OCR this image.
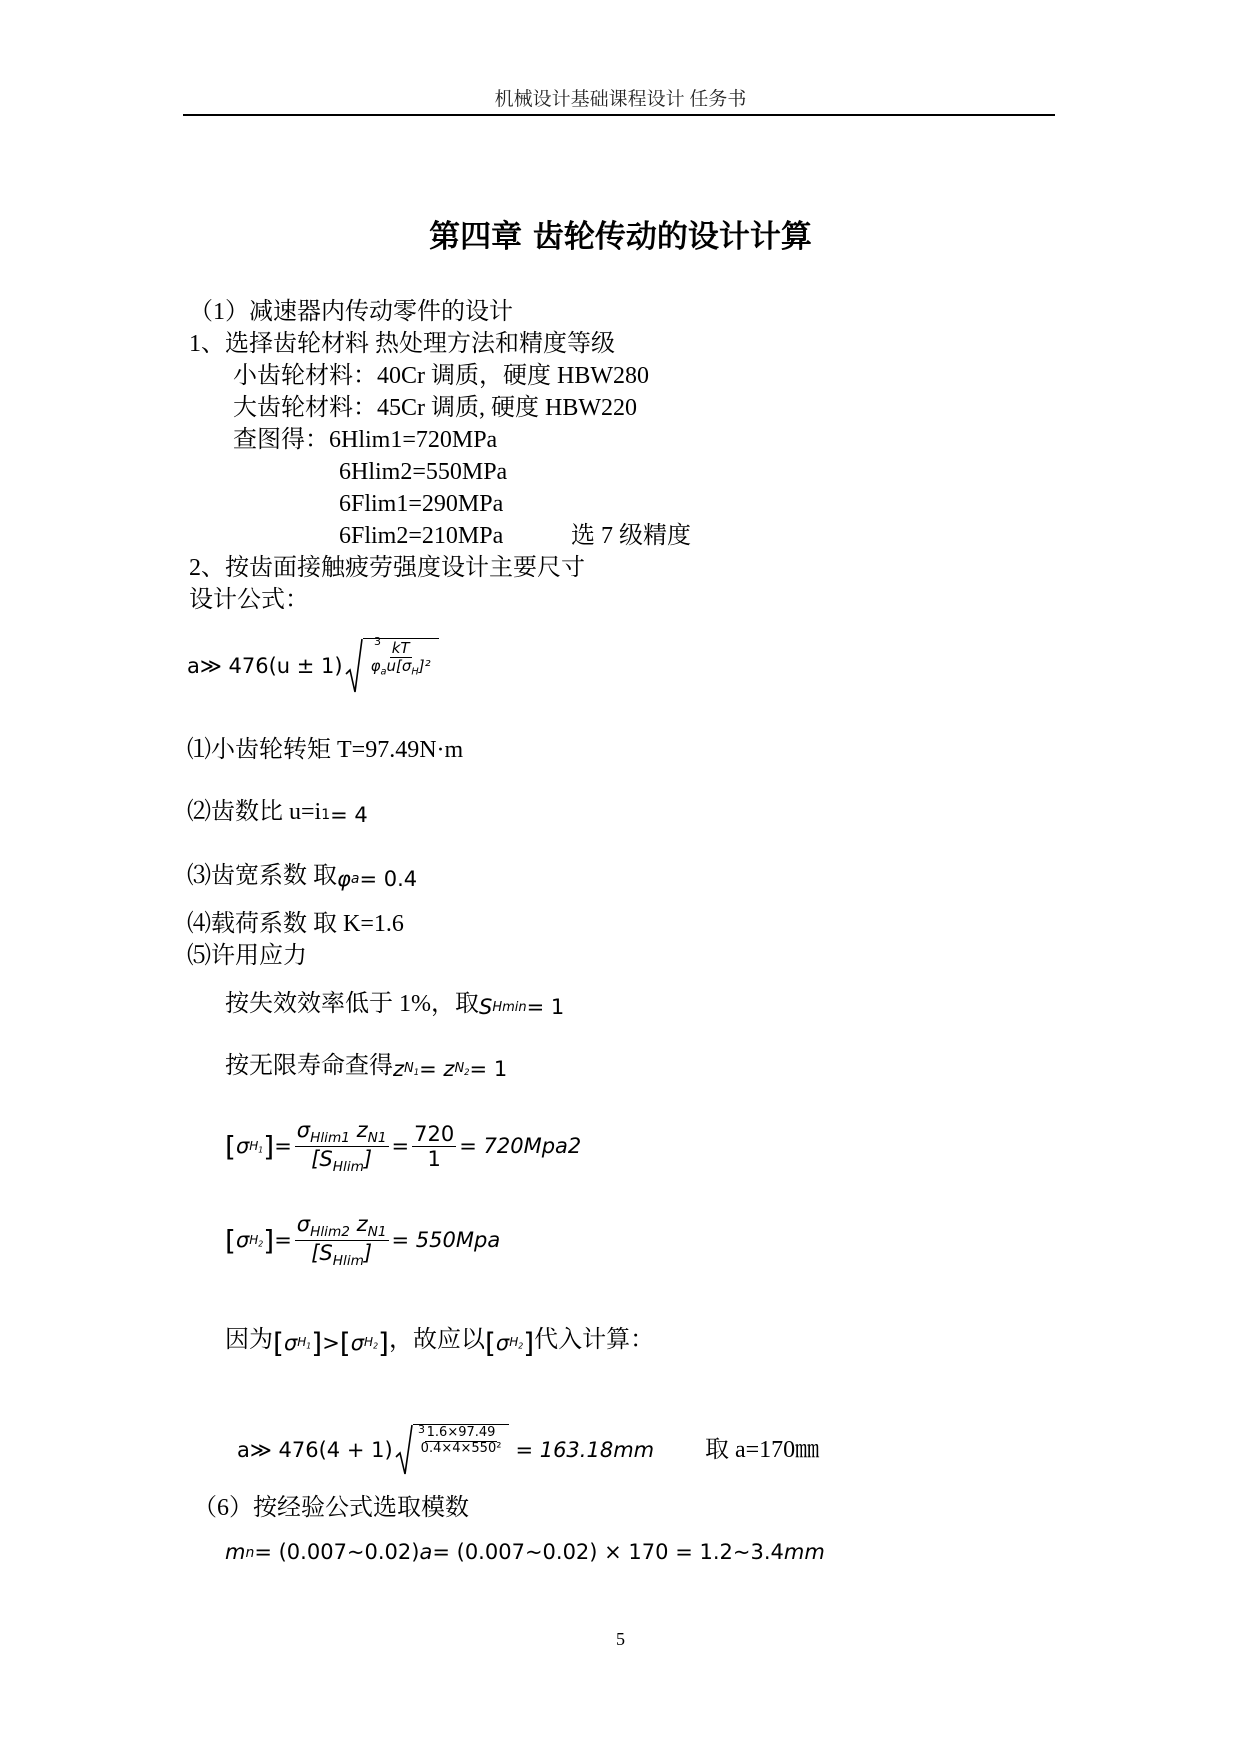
机械设计基础课程设计 任务书
第四章 齿轮传动的设计计算
（1）减速器内传动零件的设计
1、选择齿轮材料 热处理方法和精度等级
小齿轮材料：40Cr 调质，硬度 HBW280
大齿轮材料：45Cr 调质, 硬度 HBW220
查图得：6Hlim1=720MPa
6Hlim2=550MPa
6Flim1=290MPa
6Flim2=210MPa	选 7 级精度
2、按齿面接触疲劳强度设计主要尺寸
设计公式：
a≫ $476(u \pm 1) \frac{kT}{\varphi_au[\sigma_H]^2}$
3
⑴小齿轮转矩 T=97.49N·m
⑵齿数比 u=i1= 4
⑶齿宽系数 取φa= 0.4
⑷载荷系数 取 K=1.6
⑸许用应力
按失效效率低于 1%，取SHmin= 1
按无限寿命查得$zN_1= zN_2= 1$
$[\sigma H_1]= \frac{\sigma_{Hlim1} z_{N1}}{[S_{Hlim}]} = \frac{720}{1} = 720Mpa2$
$[\sigma H_2]= \frac{\sigma_{Hlim2} z_{N1}}{[S_{Hlim}]} = 550Mpa$
因为$[\sigma H_1]>[\sigma H_2]$，故应以$[\sigma H_2]$代入计算：
a≫ $476(4 + 1) \frac{1.6\times 97.49}{\text{0.4×4×550²}} = 163.18mm$
3
取 a=170㎜
（6）按经验公式选取模数
mn= (0.007~0.02)a= (0.007~0.02) × 170 = 1.2~3.4mm
5
